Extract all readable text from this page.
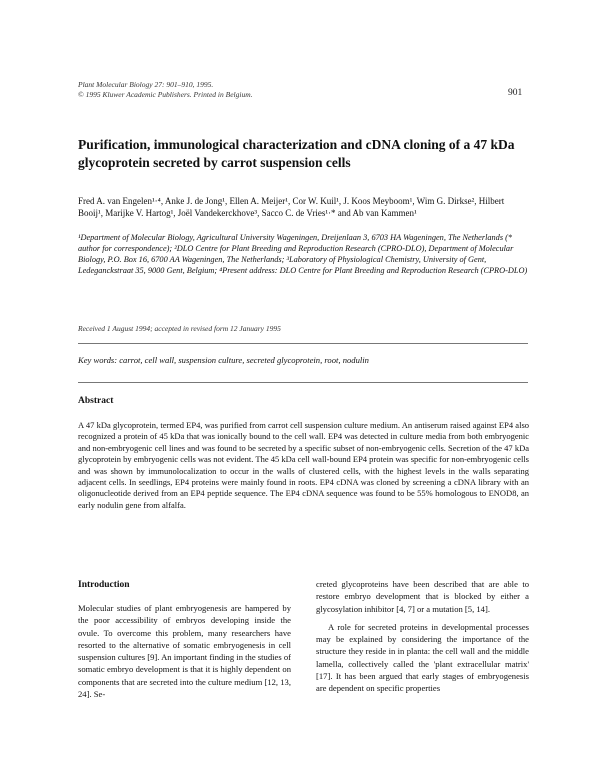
Plant Molecular Biology 27: 901–910, 1995.
© 1995 Kluwer Academic Publishers. Printed in Belgium.	901
Purification, immunological characterization and cDNA cloning of a 47 kDa glycoprotein secreted by carrot suspension cells
Fred A. van Engelen¹·⁴, Anke J. de Jong¹, Ellen A. Meijer¹, Cor W. Kuil¹, J. Koos Meyboom¹, Wim G. Dirkse², Hilbert Booij¹, Marijke V. Hartog¹, Joël Vandekerckhove³, Sacco C. de Vries¹·* and Ab van Kammen¹
¹Department of Molecular Biology, Agricultural University Wageningen, Dreijenlaan 3, 6703 HA Wageningen, The Netherlands (* author for correspondence); ²DLO Centre for Plant Breeding and Reproduction Research (CPRO-DLO), Department of Molecular Biology, P.O. Box 16, 6700 AA Wageningen, The Netherlands; ³Laboratory of Physiological Chemistry, University of Gent, Ledeganckstraat 35, 9000 Gent, Belgium; ⁴Present address: DLO Centre for Plant Breeding and Reproduction Research (CPRO-DLO)
Received 1 August 1994; accepted in revised form 12 January 1995
Key words: carrot, cell wall, suspension culture, secreted glycoprotein, root, nodulin
Abstract
A 47 kDa glycoprotein, termed EP4, was purified from carrot cell suspension culture medium. An antiserum raised against EP4 also recognized a protein of 45 kDa that was ionically bound to the cell wall. EP4 was detected in culture media from both embryogenic and non-embryogenic cell lines and was found to be secreted by a specific subset of non-embryogenic cells. Secretion of the 47 kDa glycoprotein by embryogenic cells was not evident. The 45 kDa cell wall-bound EP4 protein was specific for non-embryogenic cells and was shown by immunolocalization to occur in the walls of clustered cells, with the highest levels in the walls separating adjacent cells. In seedlings, EP4 proteins were mainly found in roots. EP4 cDNA was cloned by screening a cDNA library with an oligonucleotide derived from an EP4 peptide sequence. The EP4 cDNA sequence was found to be 55% homologous to ENOD8, an early nodulin gene from alfalfa.
Introduction

Molecular studies of plant embryogenesis are hampered by the poor accessibility of embryos developing inside the ovule. To overcome this problem, many researchers have resorted to the alternative of somatic embryogenesis in cell suspension cultures [9]. An important finding in the studies of somatic embryo development is that it is highly dependent on components that are secreted into the culture medium [12, 13, 24]. Se-

creted glycoproteins have been described that are able to restore embryo development that is blocked by either a glycosylation inhibitor [4, 7] or a mutation [5, 14].

A role for secreted proteins in developmental processes may be explained by considering the importance of the structure they reside in in planta: the cell wall and the middle lamella, collectively called the 'plant extracellular matrix' [17]. It has been argued that early stages of embryogenesis are dependent on specific properties
